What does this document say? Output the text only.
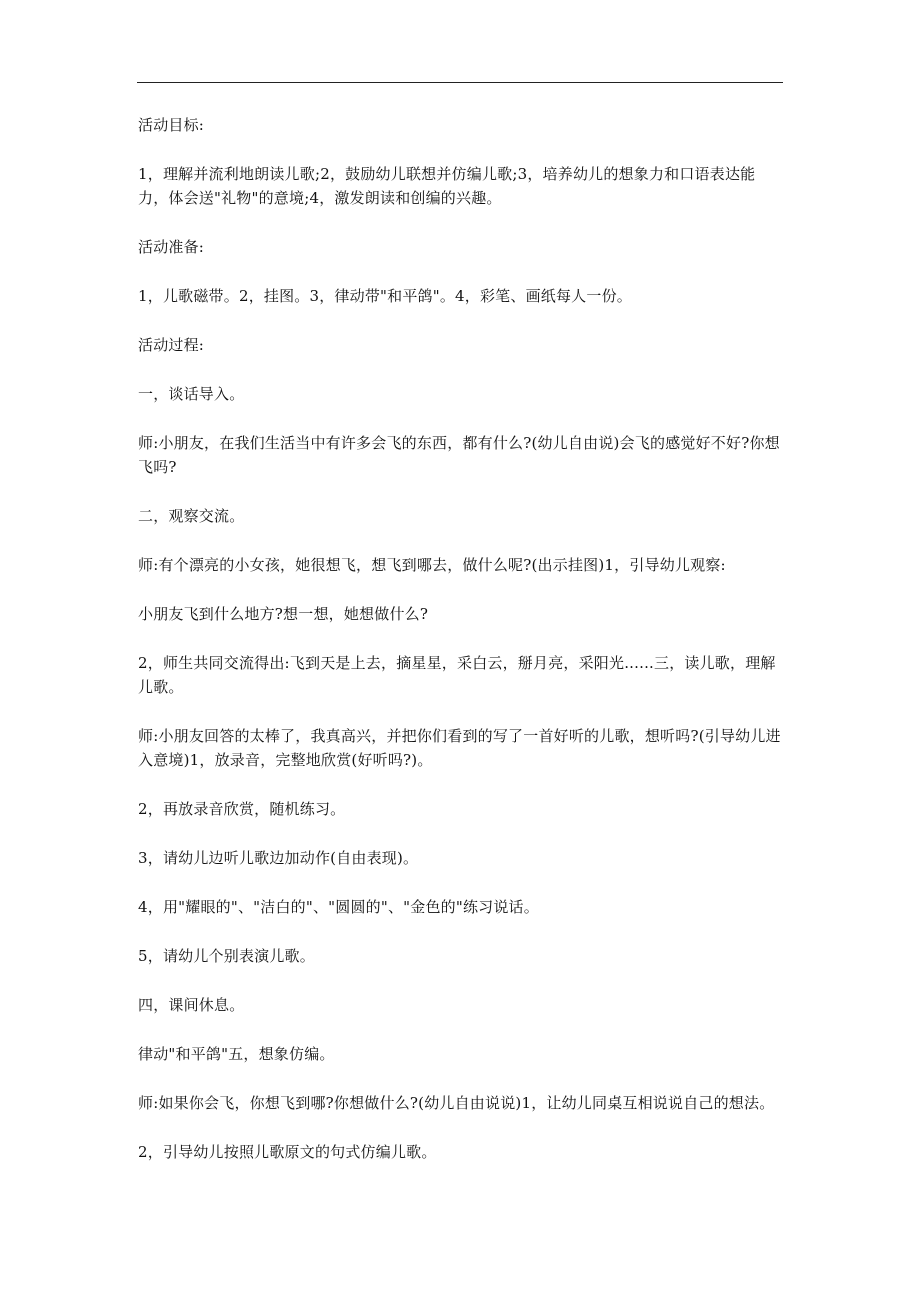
活动目标:

1，理解并流利地朗读儿歌;2，鼓励幼儿联想并仿编儿歌;3，培养幼儿的想象力和口语表达能力，体会送"礼物"的意境;4，激发朗读和创编的兴趣。

活动准备:

1，儿歌磁带。2，挂图。3，律动带"和平鸽"。4，彩笔、画纸每人一份。

活动过程:

一，谈话导入。

师:小朋友，在我们生活当中有许多会飞的东西，都有什么?(幼儿自由说)会飞的感觉好不好?你想飞吗?

二，观察交流。

师:有个漂亮的小女孩，她很想飞，想飞到哪去，做什么呢?(出示挂图)1，引导幼儿观察:

小朋友飞到什么地方?想一想，她想做什么?

2，师生共同交流得出:飞到天是上去，摘星星，采白云，掰月亮，采阳光......三，读儿歌，理解儿歌。

师:小朋友回答的太棒了，我真高兴，并把你们看到的写了一首好听的儿歌，想听吗?(引导幼儿进入意境)1，放录音，完整地欣赏(好听吗?)。

2，再放录音欣赏，随机练习。

3，请幼儿边听儿歌边加动作(自由表现)。

4，用"耀眼的"、"洁白的"、"圆圆的"、"金色的"练习说话。

5，请幼儿个别表演儿歌。

四，课间休息。

律动"和平鸽"五，想象仿编。

师:如果你会飞，你想飞到哪?你想做什么?(幼儿自由说说)1，让幼儿同桌互相说说自己的想法。

2，引导幼儿按照儿歌原文的句式仿编儿歌。
